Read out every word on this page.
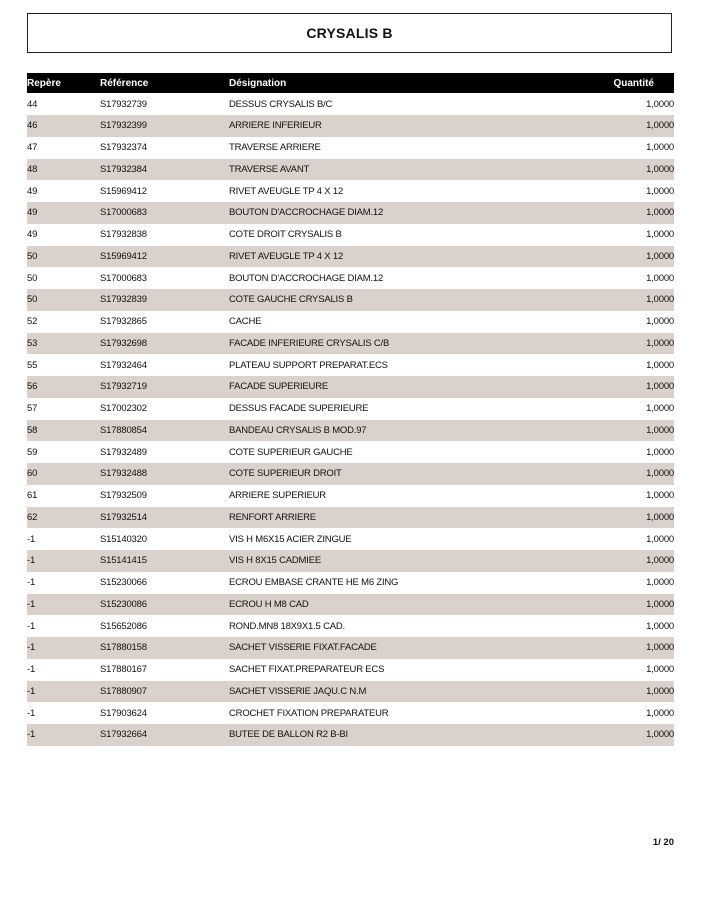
CRYSALIS B
Repère	Référence	Désignation	Quantité
44	S17932739	DESSUS CRYSALIS B/C	1,0000
46	S17932399	ARRIERE INFERIEUR	1,0000
47	S17932374	TRAVERSE ARRIERE	1,0000
48	S17932384	TRAVERSE AVANT	1,0000
49	S15969412	RIVET AVEUGLE TP 4 X 12	1,0000
49	S17000683	BOUTON D'ACCROCHAGE DIAM.12	1,0000
49	S17932838	COTE DROIT CRYSALIS B	1,0000
50	S15969412	RIVET AVEUGLE TP 4 X 12	1,0000
50	S17000683	BOUTON D'ACCROCHAGE DIAM.12	1,0000
50	S17932839	COTE GAUCHE CRYSALIS B	1,0000
52	S17932865	CACHE	1,0000
53	S17932698	FACADE INFERIEURE CRYSALIS C/B	1,0000
55	S17932464	PLATEAU SUPPORT PREPARAT.ECS	1,0000
56	S17932719	FACADE SUPERIEURE	1,0000
57	S17002302	DESSUS FACADE SUPERIEURE	1,0000
58	S17880854	BANDEAU CRYSALIS B MOD.97	1,0000
59	S17932489	COTE SUPERIEUR GAUCHE	1,0000
60	S17932488	COTE SUPERIEUR DROIT	1,0000
61	S17932509	ARRIERE SUPERIEUR	1,0000
62	S17932514	RENFORT ARRIERE	1,0000
-1	S15140320	VIS H M6X15 ACIER ZINGUE	1,0000
-1	S15141415	VIS H 8X15 CADMIEE	1,0000
-1	S15230066	ECROU EMBASE CRANTE HE M6 ZING	1,0000
-1	S15230086	ECROU H M8 CAD	1,0000
-1	S15652086	ROND.MN8 18X9X1.5 CAD.	1,0000
-1	S17880158	SACHET VISSERIE FIXAT.FACADE	1,0000
-1	S17880167	SACHET FIXAT.PREPARATEUR ECS	1,0000
-1	S17880907	SACHET VISSERIE JAQU.C N.M	1,0000
-1	S17903624	CROCHET FIXATION PREPARATEUR	1,0000
-1	S17932664	BUTEE DE BALLON R2 B-BI	1,0000
1/ 20
